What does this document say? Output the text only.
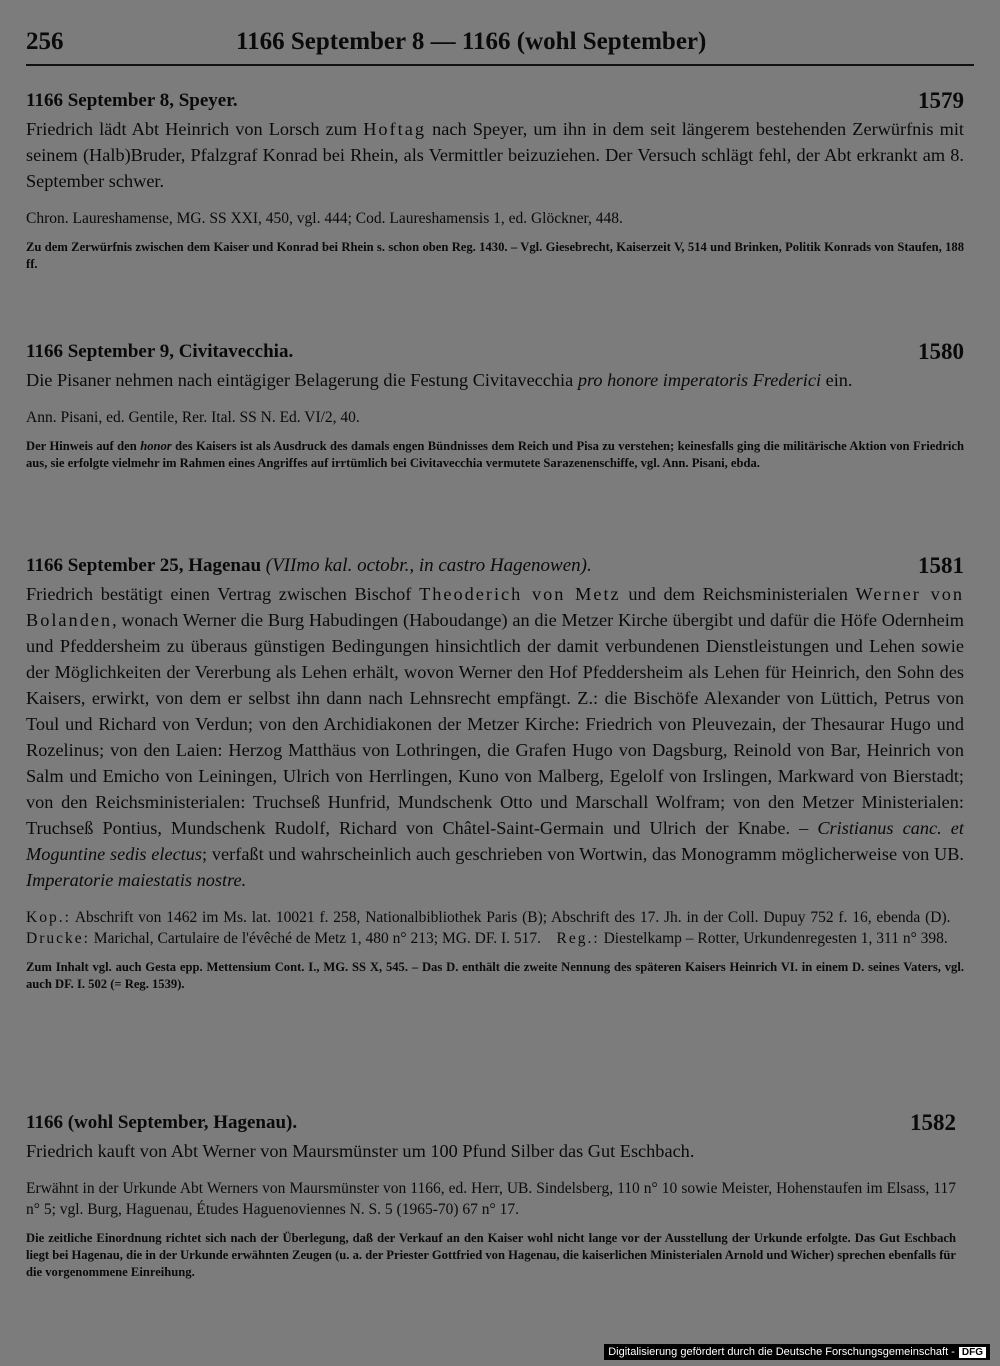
256	1166 September 8 — 1166 (wohl September)
1166 September 8, Speyer.	1579

Friedrich lädt Abt Heinrich von Lorsch zum Hoftag nach Speyer, um ihn in dem seit längerem bestehenden Zerwürfnis mit seinem (Halb)Bruder, Pfalzgraf Konrad bei Rhein, als Vermittler beizuziehen. Der Versuch schlägt fehl, der Abt erkrankt am 8. September schwer.

Chron. Laureshamense, MG. SS XXI, 450, vgl. 444; Cod. Laureshamensis 1, ed. Glöckner, 448.

Zu dem Zerwürfnis zwischen dem Kaiser und Konrad bei Rhein s. schon oben Reg. 1430. – Vgl. Giesebrecht, Kaiserzeit V, 514 und Brinken, Politik Konrads von Staufen, 188 ff.

1166 September 9, Civitavecchia.	1580

Die Pisaner nehmen nach eintägiger Belagerung die Festung Civitavecchia pro honore imperatoris Frederici ein.

Ann. Pisani, ed. Gentile, Rer. Ital. SS N. Ed. VI/2, 40.

Der Hinweis auf den honor des Kaisers ist als Ausdruck des damals engen Bündnisses dem Reich und Pisa zu verstehen; keinesfalls ging die militärische Aktion von Friedrich aus, sie erfolgte vielmehr im Rahmen eines Angriffes auf irrtümlich bei Civitavecchia vermutete Sarazenenschiffe, vgl. Ann. Pisani, ebda.

1166 September 25, Hagenau (VIImo kal. octobr., in castro Hagenowen).	1581

Friedrich bestätigt einen Vertrag zwischen Bischof Theoderich von Metz und dem Reichsministerialen Werner von Bolanden, wonach Werner die Burg Habudingen (Haboudange) an die Metzer Kirche übergibt und dafür die Höfe Odernheim und Pfeddersheim zu überaus günstigen Bedingungen hinsichtlich der damit verbundenen Dienstleistungen und Lehen sowie der Möglichkeiten der Vererbung als Lehen erhält, wovon Werner den Hof Pfeddersheim als Lehen für Heinrich, den Sohn des Kaisers, erwirkt, von dem er selbst ihn dann nach Lehnsrecht empfängt. Z.: die Bischöfe Alexander von Lüttich, Petrus von Toul und Richard von Verdun; von den Archidiakonen der Metzer Kirche: Friedrich von Pleuvezain, der Thesaurar Hugo und Rozelinus; von den Laien: Herzog Matthäus von Lothringen, die Grafen Hugo von Dagsburg, Reinold von Bar, Heinrich von Salm und Emicho von Leiningen, Ulrich von Herrlingen, Kuno von Malberg, Egelolf von Irslingen, Markward von Bierstadt; von den Reichsministerialen: Truchseß Hunfrid, Mundschenk Otto und Marschall Wolfram; von den Metzer Ministerialen: Truchseß Pontius, Mundschenk Rudolf, Richard von Châtel-Saint-Germain und Ulrich der Knabe. – Cristianus canc. et Moguntine sedis electus; verfaßt und wahrscheinlich auch geschrieben von Wortwin, das Monogramm möglicherweise von UB. Imperatorie maiestatis nostre.

Kop.: Abschrift von 1462 im Ms. lat. 10021 f. 258, Nationalbibliothek Paris (B); Abschrift des 17. Jh. in der Coll. Dupuy 752 f. 16, ebenda (D).    Drucke: Marichal, Cartulaire de l'évêché de Metz 1, 480 n° 213; MG. DF. I. 517. Reg.: Diestelkamp – Rotter, Urkundenregesten 1, 311 n° 398.

Zum Inhalt vgl. auch Gesta epp. Mettensium Cont. I., MG. SS X, 545. – Das D. enthält die zweite Nennung des späteren Kaisers Heinrich VI. in einem D. seines Vaters, vgl. auch DF. I. 502 (= Reg. 1539).

1166 (wohl September, Hagenau).	1582

Friedrich kauft von Abt Werner von Maursmünster um 100 Pfund Silber das Gut Eschbach.

Erwähnt in der Urkunde Abt Werners von Maursmünster von 1166, ed. Herr, UB. Sindelsberg, 110 n° 10 sowie Meister, Hohenstaufen im Elsass, 117 n° 5; vgl. Burg, Haguenau, Études Haguenoviennes N. S. 5 (1965-70) 67 n° 17.

Die zeitliche Einordnung richtet sich nach der Überlegung, daß der Verkauf an den Kaiser wohl nicht lange vor der Ausstellung der Urkunde erfolgte. Das Gut Eschbach liegt bei Hagenau, die in der Urkunde erwähnten Zeugen (u. a. der Priester Gottfried von Hagenau, die kaiserlichen Ministerialen Arnold und Wicher) sprechen ebenfalls für die vorgenommene Einreihung.

Digitalisierung gefördert durch die Deutsche Forschungsgemeinschaft - DFG
